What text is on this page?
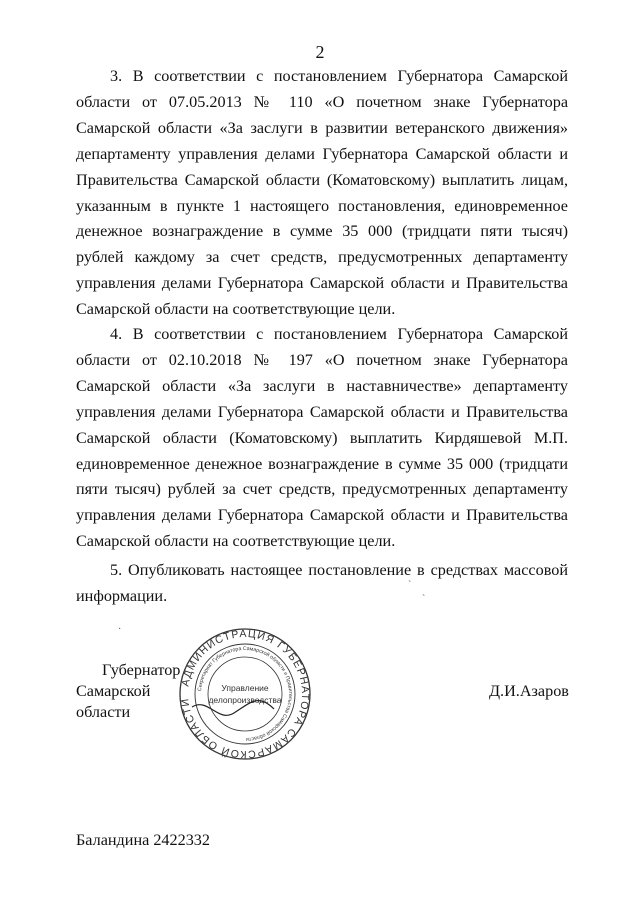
2

3. В соответствии с постановлением Губернатора Самарской области от 07.05.2013 № 110 «О почетном знаке Губернатора Самарской области «За заслуги в развитии ветеранского движения» департаменту управления делами Губернатора Самарской области и Правительства Самарской области (Коматовскому) выплатить лицам, указанным в пункте 1 настоящего постановления, единовременное денежное вознаграждение в сумме 35 000 (тридцати пяти тысяч) рублей каждому за счет средств, предусмотренных департаменту управления делами Губернатора Самарской области и Правительства Самарской области на соответствующие цели.

4. В соответствии с постановлением Губернатора Самарской области от 02.10.2018 № 197 «О почетном знаке Губернатора Самарской области «За заслуги в наставничестве» департаменту управления делами Губернатора Самарской области и Правительства Самарской области (Коматовскому) выплатить Кирдяшевой М.П. единовременное денежное вознаграждение в сумме 35 000 (тридцати пяти тысяч) рублей за счет средств, предусмотренных департаменту управления делами Губернатора Самарской области и Правительства Самарской области на соответствующие цели.

5. Опубликовать настоящее постановление в средствах массовой информации.

Губернатор
Самарской области
Д.И.Азаров
АДМИНИСТРАЦИЯ ГУБЕРНАТОРА САМАРСКОЙ ОБЛАСТИ
Секретариат Губернатора Самарской области и Правительства Самарской области
Управление
делопроизводства
ˋ
ˋ
·
Баландина 2422332
